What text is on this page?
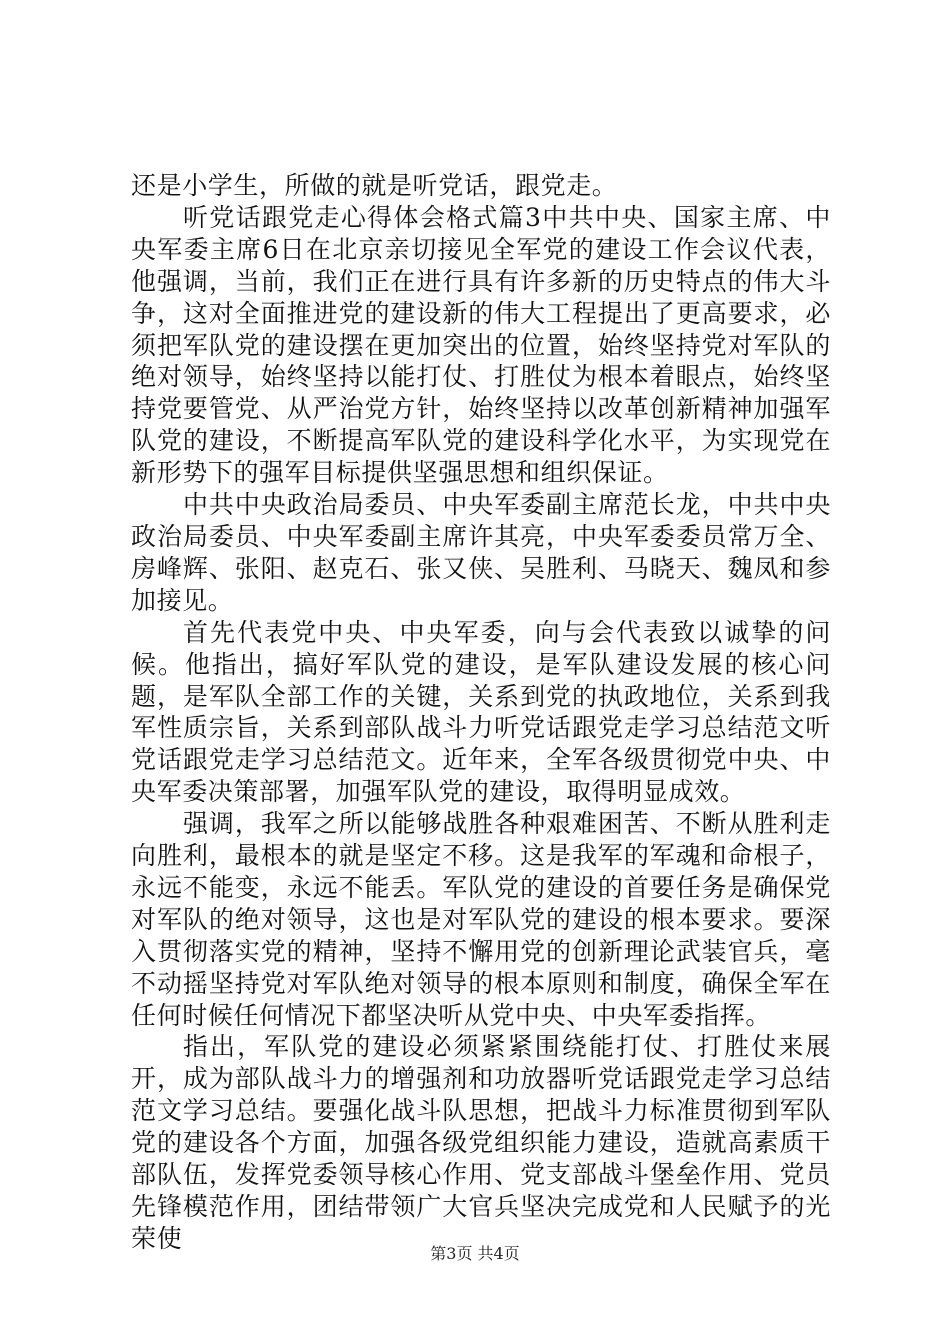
还是小学生，所做的就是听党话，跟党走。

听党话跟党走心得体会格式篇3中共中央、国家主席、中央军委主席6日在北京亲切接见全军党的建设工作会议代表，他强调，当前，我们正在进行具有许多新的历史特点的伟大斗争，这对全面推进党的建设新的伟大工程提出了更高要求，必须把军队党的建设摆在更加突出的位置，始终坚持党对军队的绝对领导，始终坚持以能打仗、打胜仗为根本着眼点，始终坚持党要管党、从严治党方针，始终坚持以改革创新精神加强军队党的建设，不断提高军队党的建设科学化水平，为实现党在新形势下的强军目标提供坚强思想和组织保证。

中共中央政治局委员、中央军委副主席范长龙，中共中央政治局委员、中央军委副主席许其亮，中央军委委员常万全、房峰辉、张阳、赵克石、张又侠、吴胜利、马晓天、魏凤和参加接见。

首先代表党中央、中央军委，向与会代表致以诚挚的问候。他指出，搞好军队党的建设，是军队建设发展的核心问题，是军队全部工作的关键，关系到党的执政地位，关系到我军性质宗旨，关系到部队战斗力听党话跟党走学习总结范文听党话跟党走学习总结范文。近年来，全军各级贯彻党中央、中央军委决策部署，加强军队党的建设，取得明显成效。

强调，我军之所以能够战胜各种艰难困苦、不断从胜利走向胜利，最根本的就是坚定不移。这是我军的军魂和命根子，永远不能变，永远不能丢。军队党的建设的首要任务是确保党对军队的绝对领导，这也是对军队党的建设的根本要求。要深入贯彻落实党的精神，坚持不懈用党的创新理论武装官兵，毫不动摇坚持党对军队绝对领导的根本原则和制度，确保全军在任何时候任何情况下都坚决听从党中央、中央军委指挥。

指出，军队党的建设必须紧紧围绕能打仗、打胜仗来展开，成为部队战斗力的增强剂和功放器听党话跟党走学习总结范文学习总结。要强化战斗队思想，把战斗力标准贯彻到军队党的建设各个方面，加强各级党组织能力建设，造就高素质干部队伍，发挥党委领导核心作用、党支部战斗堡垒作用、党员先锋模范作用，团结带领广大官兵坚决完成党和人民赋予的光荣使

第3页 共4页
